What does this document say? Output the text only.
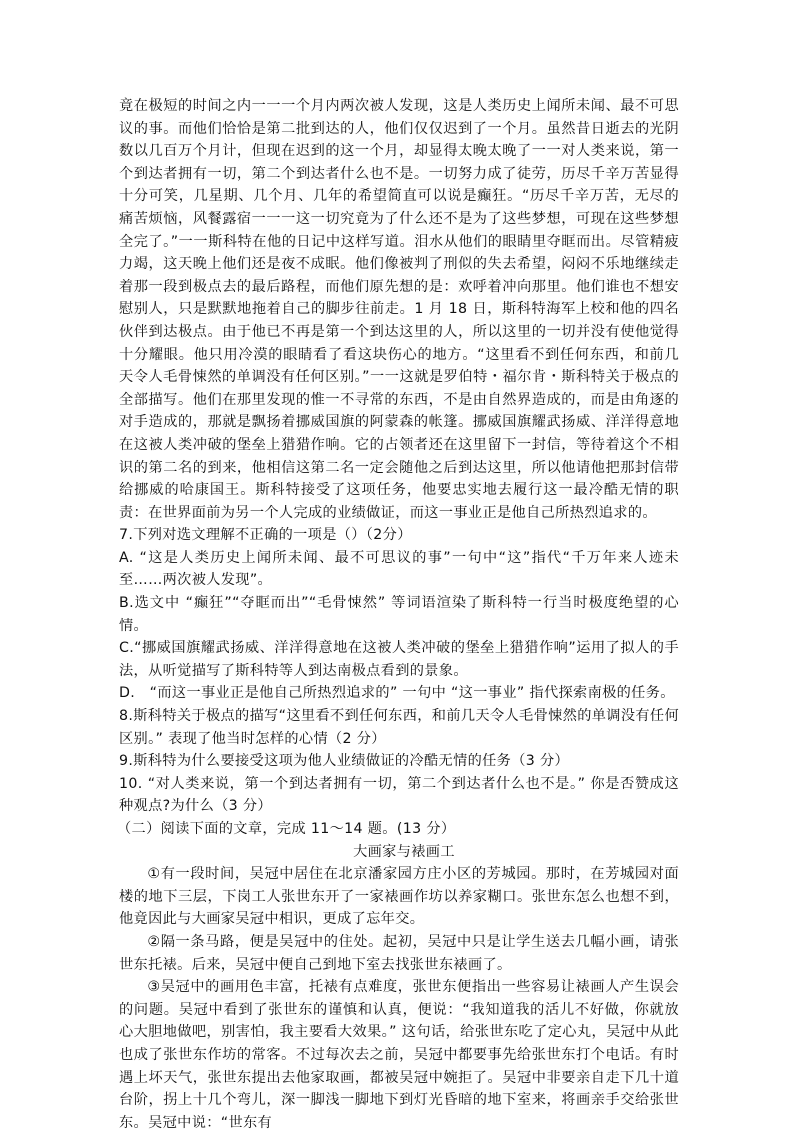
竟在极短的时间之内一一一个月内两次被人发现，这是人类历史上闻所未闻、最不可思议的事。而他们恰恰是第二批到达的人，他们仅仅迟到了一个月。虽然昔日逝去的光阴数以几百万个月计，但现在迟到的这一个月，却显得太晚太晚了一一对人类来说，第一个到达者拥有一切，第二个到达者什么也不是。一切努力成了徒劳，历尽千辛万苦显得十分可笑，几星期、几个月、几年的希望简直可以说是癫狂。“历尽千辛万苦，无尽的痛苦烦恼，风餐露宿一一一这一切究竟为了什么还不是为了这些梦想，可现在这些梦想全完了。”一一斯科特在他的日记中这样写道。泪水从他们的眼睛里夺眶而出。尽管精疲力竭，这天晚上他们还是夜不成眠。他们像被判了刑似的失去希望，闷闷不乐地继续走着那一段到极点去的最后路程，而他们原先想的是：欢呼着冲向那里。他们谁也不想安慰别人，只是默默地拖着自己的脚步往前走。1 月 18 日，斯科特海军上校和他的四名伙伴到达极点。由于他已不再是第一个到达这里的人，所以这里的一切并没有使他觉得十分耀眼。他只用冷漠的眼睛看了看这块伤心的地方。“这里看不到任何东西，和前几天令人毛骨悚然的单调没有任何区别。”一一这就是罗伯特・福尔肯・斯科特关于极点的全部描写。他们在那里发现的惟一不寻常的东西，不是由自然界造成的，而是由角逐的对手造成的，那就是飘扬着挪威国旗的阿蒙森的帐篷。挪威国旗耀武扬威、洋洋得意地在这被人类冲破的堡垒上猎猎作响。它的占领者还在这里留下一封信，等待着这个不相识的第二名的到来，他相信这第二名一定会随他之后到达这里，所以他请他把那封信带给挪威的哈康国王。斯科特接受了这项任务，他要忠实地去履行这一最冷酷无情的职责：在世界面前为另一个人完成的业绩做证，而这一事业正是他自己所热烈追求的。

7.下列对选文理解不正确的一项是（）（2分）

A. “这是人类历史上闻所未闻、最不可思议的事”一句中“这”指代“千万年来人迹未至……两次被人发现”。

B.选文中 “癫狂”“夺眶而出”“毛骨悚然” 等词语渲染了斯科特一行当时极度绝望的心情。

C.“挪威国旗耀武扬威、洋洋得意地在这被人类冲破的堡垒上猎猎作响”运用了拟人的手法，从听觉描写了斯科特等人到达南极点看到的景象。

D.　“而这一事业正是他自己所热烈追求的” 一句中 “这一事业” 指代探索南极的任务。

8.斯科特关于极点的描写“这里看不到任何东西，和前几天令人毛骨悚然的单调没有任何区别。” 表现了他当时怎样的心情（2 分）

9.斯科特为什么要接受这项为他人业绩做证的冷酷无情的任务（3 分）

10. “对人类来说，第一个到达者拥有一切，第二个到达者什么也不是。” 你是否赞成这种观点?为什么（3 分）

（二）阅读下面的文章，完成 11～14 题。(13 分）

大画家与裱画工

①有一段时间，吴冠中居住在北京潘家园方庄小区的芳城园。那时，在芳城园对面楼的地下三层，下岗工人张世东开了一家裱画作坊以养家糊口。张世东怎么也想不到，他竟因此与大画家吴冠中相识，更成了忘年交。

②隔一条马路，便是吴冠中的住处。起初，吴冠中只是让学生送去几幅小画，请张世东托裱。后来，吴冠中便自己到地下室去找张世东裱画了。

③吴冠中的画用色丰富，托裱有点难度，张世东便指出一些容易让裱画人产生误会的问题。吴冠中看到了张世东的谨慎和认真，便说：“我知道我的活儿不好做，你就放心大胆地做吧，别害怕，我主要看大效果。” 这句话，给张世东吃了定心丸，吴冠中从此也成了张世东作坊的常客。不过每次去之前，吴冠中都要事先给张世东打个电话。有时遇上坏天气，张世东提出去他家取画，都被吴冠中婉拒了。吴冠中非要亲自走下几十道台阶，拐上十几个弯儿，深一脚浅一脚地下到灯光昏暗的地下室来，将画亲手交给张世东。吴冠中说：“世东有
